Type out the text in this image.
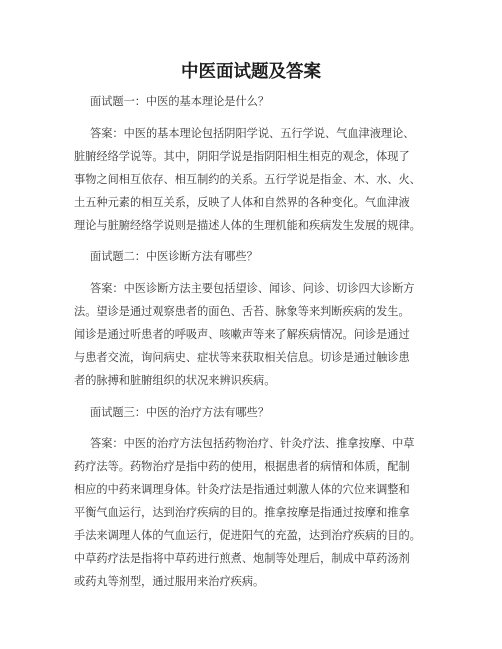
中医面试题及答案
面试题一：中医的基本理论是什么？
答案：中医的基本理论包括阴阳学说、五行学说、气血津液理论、
脏腑经络学说等。其中，阴阳学说是指阴阳相生相克的观念，体现了
事物之间相互依存、相互制约的关系。五行学说是指金、木、水、火、
土五种元素的相互关系，反映了人体和自然界的各种变化。气血津液
理论与脏腑经络学说则是描述人体的生理机能和疾病发生发展的规律。
面试题二：中医诊断方法有哪些？
答案：中医诊断方法主要包括望诊、闻诊、问诊、切诊四大诊断方
法。望诊是通过观察患者的面色、舌苔、脉象等来判断疾病的发生。
闻诊是通过听患者的呼吸声、咳嗽声等来了解疾病情况。问诊是通过
与患者交流，询问病史、症状等来获取相关信息。切诊是通过触诊患
者的脉搏和脏腑组织的状况来辨识疾病。
面试题三：中医的治疗方法有哪些？
答案：中医的治疗方法包括药物治疗、针灸疗法、推拿按摩、中草
药疗法等。药物治疗是指中药的使用，根据患者的病情和体质，配制
相应的中药来调理身体。针灸疗法是指通过刺激人体的穴位来调整和
平衡气血运行，达到治疗疾病的目的。推拿按摩是指通过按摩和推拿
手法来调理人体的气血运行，促进阳气的充盈，达到治疗疾病的目的。
中草药疗法是指将中草药进行煎煮、炮制等处理后，制成中草药汤剂
或药丸等剂型，通过服用来治疗疾病。
